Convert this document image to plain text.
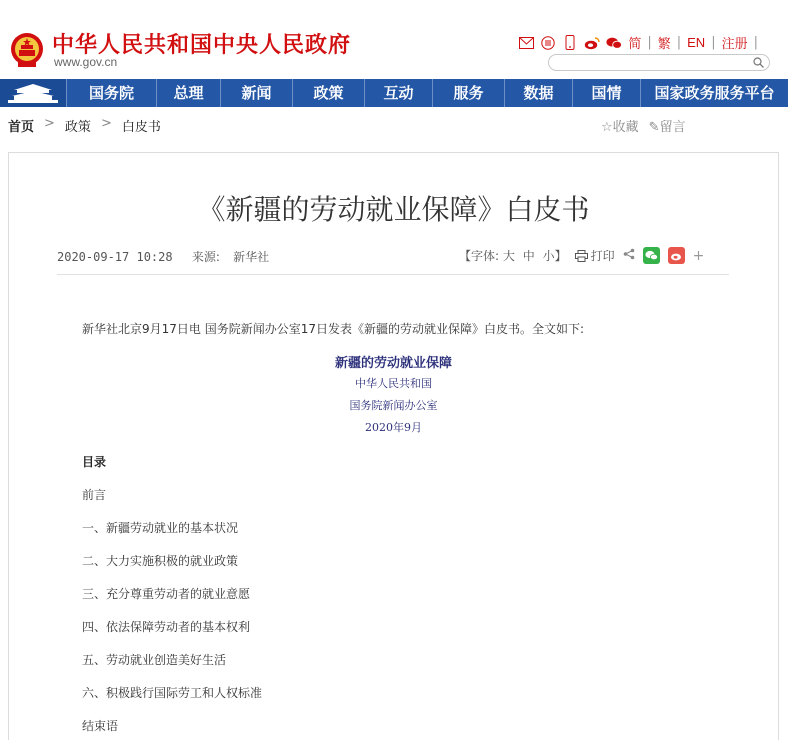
中华人民共和国中央人民政府
www.gov.cn
简 | 繁 | EN | 注册 |
国务院	总理	新闻	政策	互动	服务	数据	国情	国家政务服务平台
首页 > 政策 > 白皮书	☆收藏 ✎留言
《新疆的劳动就业保障》白皮书
2020-09-17 10:28 来源: 新华社	【字体: 大 中 小】 打印	+
新华社北京9月17日电 国务院新闻办公室17日发表《新疆的劳动就业保障》白皮书。全文如下:
新疆的劳动就业保障
中华人民共和国
国务院新闻办公室
2020年9月
目录
前言
一、新疆劳动就业的基本状况
二、大力实施积极的就业政策
三、充分尊重劳动者的就业意愿
四、依法保障劳动者的基本权利
五、劳动就业创造美好生活
六、积极践行国际劳工和人权标准
结束语
